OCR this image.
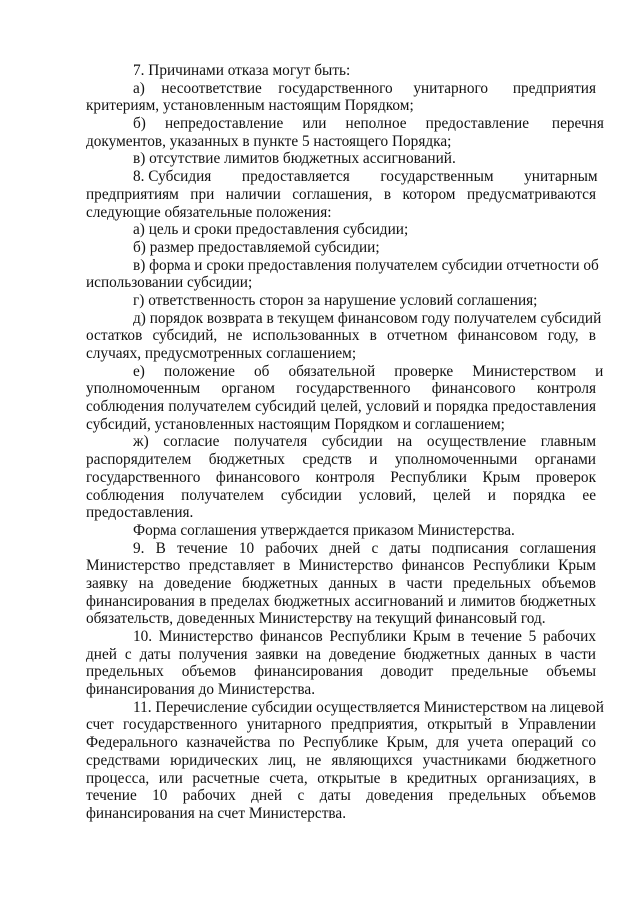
7. Причинами отказа могут быть:
а)    несоответствие    государственного     унитарного      предприятия
критериям, установленным настоящим Порядком;
б)     непредоставление     или     неполное     предоставление      перечня
документов, указанных в пункте 5 настоящего Порядка;
в) отсутствие лимитов бюджетных ассигнований.
8. Субсидия        предоставляется        государственным        унитарным
предприятиям при наличии соглашения, в котором предусматриваются
следующие обязательные положения:
а) цель и сроки предоставления субсидии;
б) размер предоставляемой субсидии;
в) форма и сроки предоставления получателем субсидии отчетности об
использовании субсидии;
г) ответственность сторон за нарушение условий соглашения;
д) порядок возврата в текущем финансовом году получателем субсидий
остатков субсидий, не использованных в отчетном финансовом году, в
случаях, предусмотренных соглашением;
е)     положение     об     обязательной     проверке     Министерством     и
уполномоченным    органом    государственного    финансового    контроля
соблюдения получателем субсидий целей, условий и порядка предоставления
субсидий, установленных настоящим Порядком и соглашением;
ж)   согласие   получателя   субсидии   на   осуществление   главным
распорядителем   бюджетных   средств   и   уполномоченными   органами
государственного финансового контроля Республики Крым проверок
соблюдения   получателем   субсидии   условий,   целей   и   порядка   ее
предоставления.
Форма соглашения утверждается приказом Министерства.
9.  В  течение  10  рабочих  дней  с  даты  подписания  соглашения
Министерство представляет в Министерство финансов Республики Крым
заявку на доведение бюджетных данных в части предельных объемов
финансирования в пределах бюджетных ассигнований и лимитов бюджетных
обязательств, доведенных Министерству на текущий финансовый год.
10. Министерство финансов Республики Крым в течение 5 рабочих
дней с даты получения заявки на доведение бюджетных данных в части
предельных   объемов   финансирования   доводит   предельные   объемы
финансирования до Министерства.
11. Перечисление субсидии осуществляется Министерством на лицевой
счет государственного унитарного предприятия, открытый в Управлении
Федерального казначейства по Республике Крым, для учета операций со
средствами юридических лиц, не являющихся участниками бюджетного
процесса, или расчетные счета, открытые в кредитных организациях, в
течение   10   рабочих   дней   с   даты   доведения   предельных   объемов
финансирования на счет Министерства.
